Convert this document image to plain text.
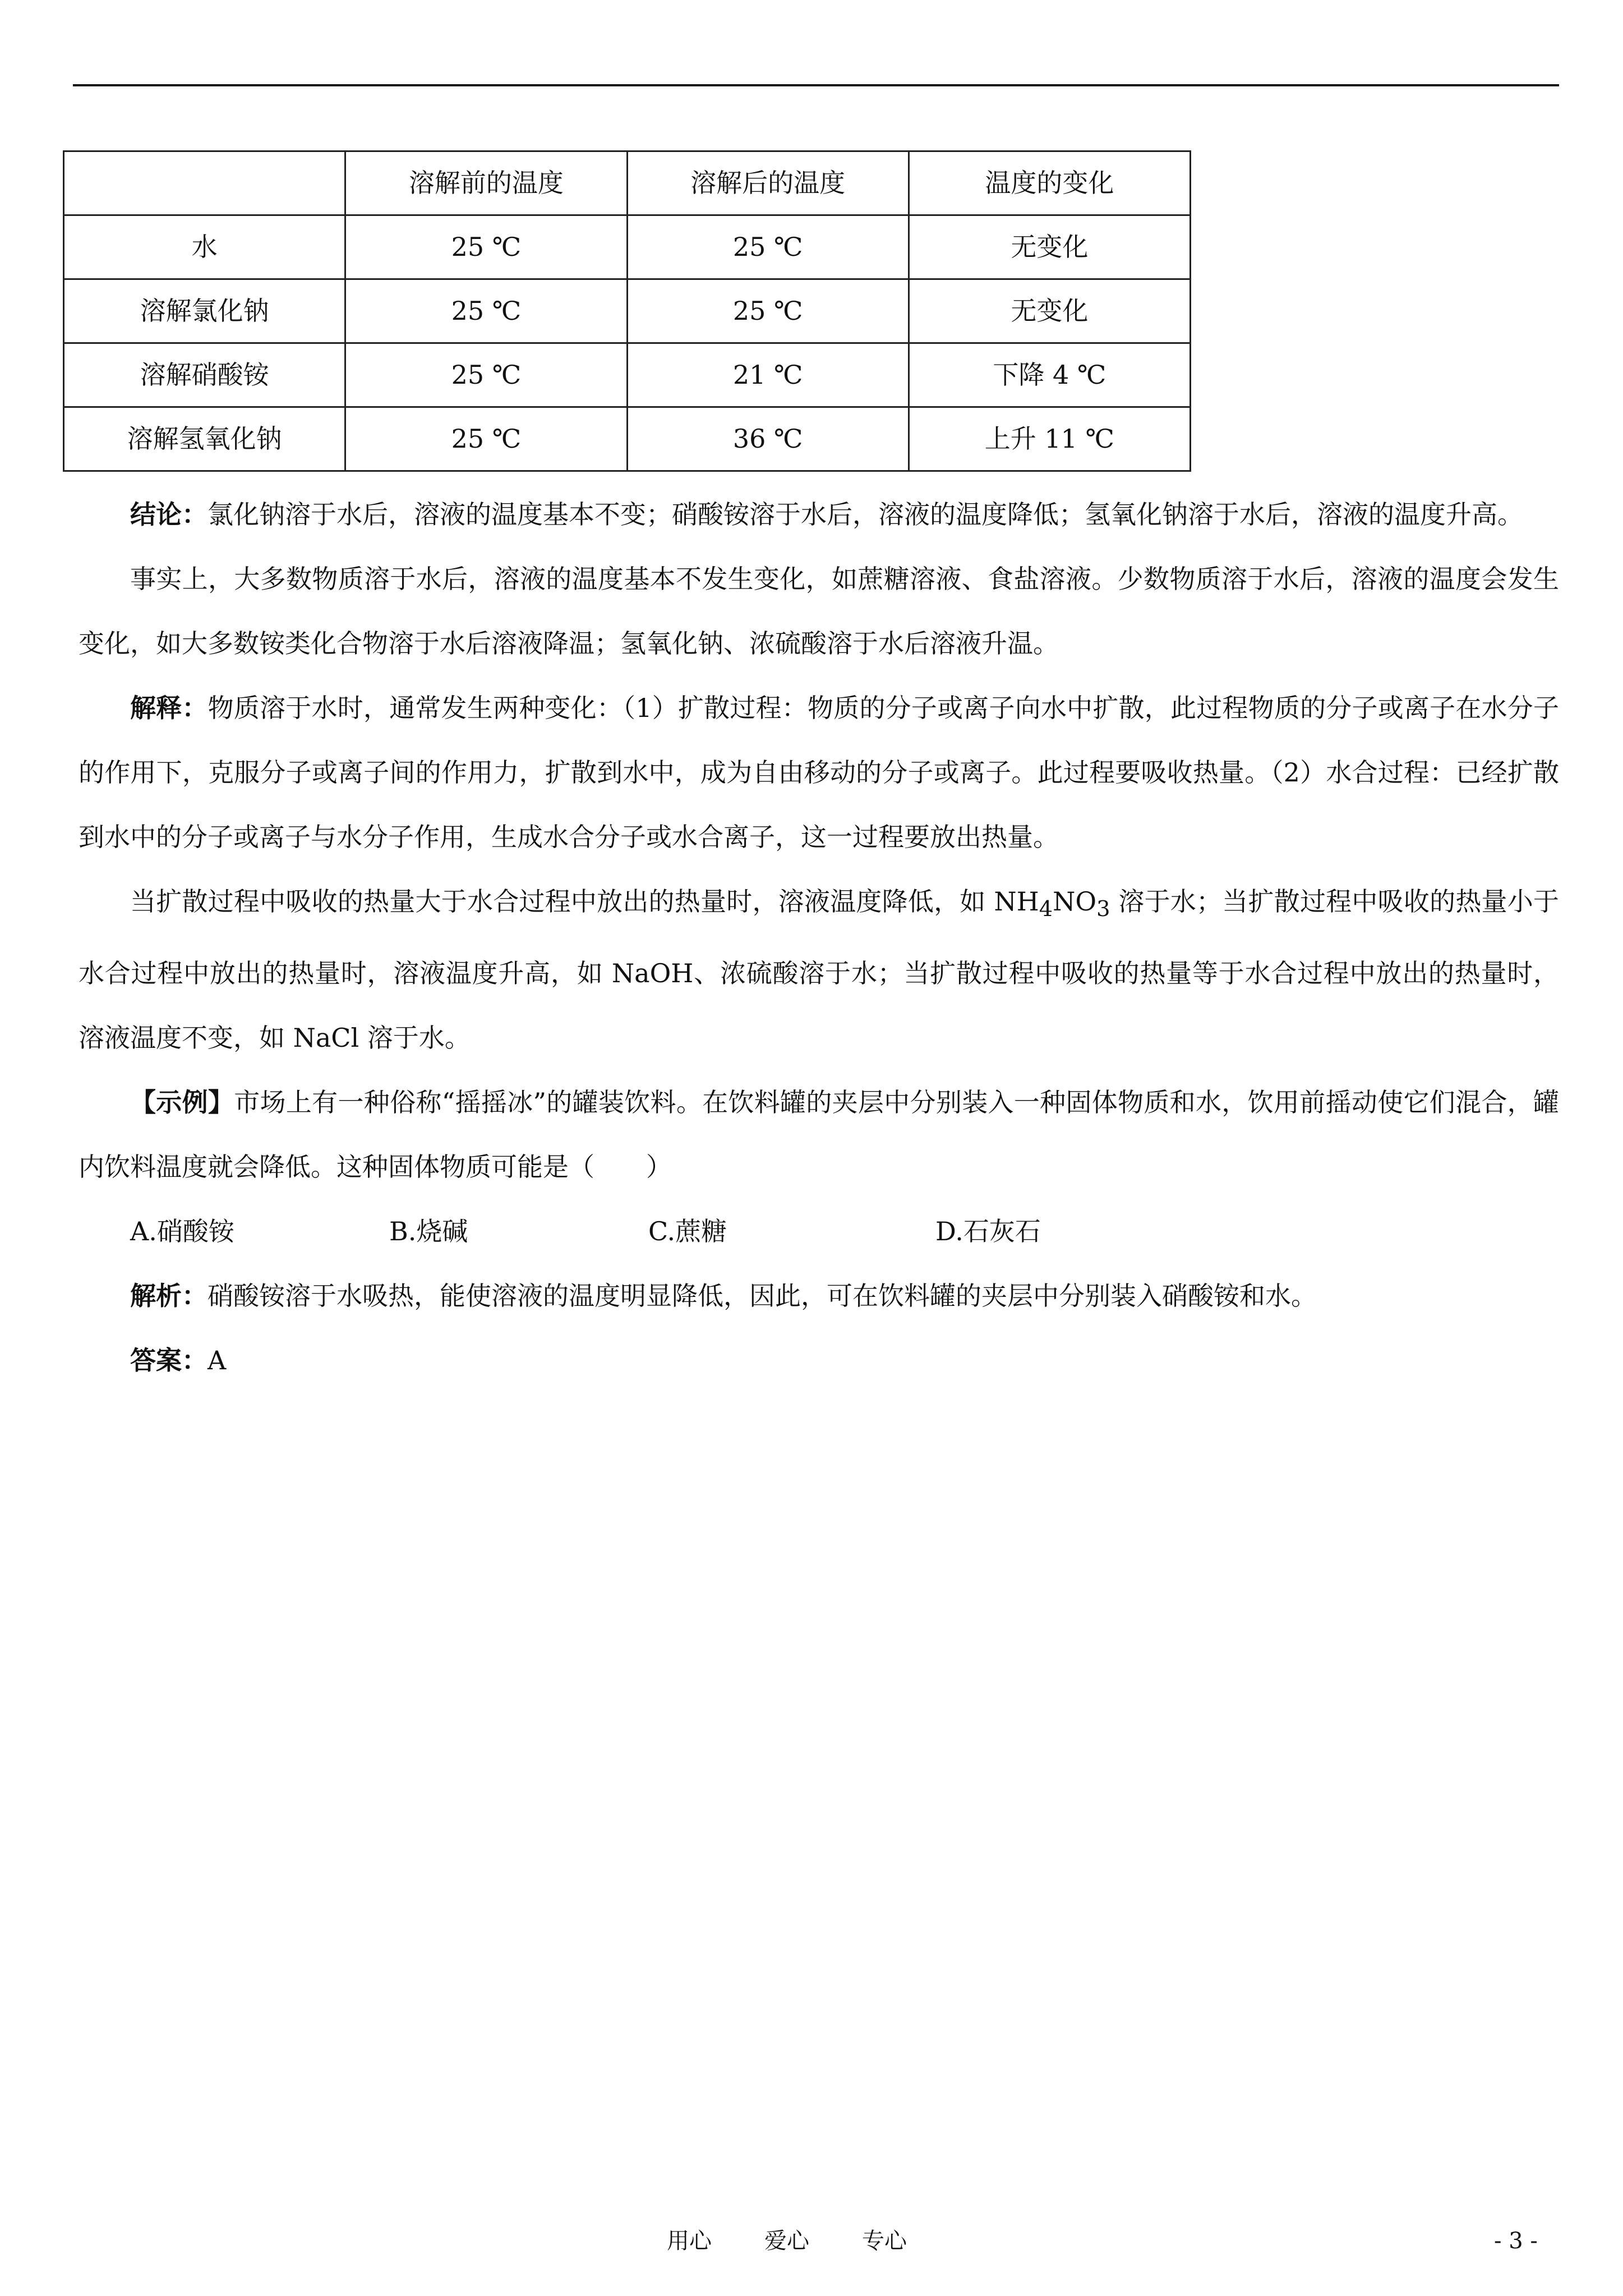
	溶解前的温度	溶解后的温度	温度的变化
水	25 ℃	25 ℃	无变化
溶解氯化钠	25 ℃	25 ℃	无变化
溶解硝酸铵	25 ℃	21 ℃	下降 4 ℃
溶解氢氧化钠	25 ℃	36 ℃	上升 11 ℃

结论：氯化钠溶于水后，溶液的温度基本不变；硝酸铵溶于水后，溶液的温度降低；氢氧化钠溶于水后，溶液的温度升高。

事实上，大多数物质溶于水后，溶液的温度基本不发生变化，如蔗糖溶液、食盐溶液。少数物质溶于水后，溶液的温度会发生变化，如大多数铵类化合物溶于水后溶液降温；氢氧化钠、浓硫酸溶于水后溶液升温。

解释：物质溶于水时，通常发生两种变化：（1）扩散过程：物质的分子或离子向水中扩散，此过程物质的分子或离子在水分子的作用下，克服分子或离子间的作用力，扩散到水中，成为自由移动的分子或离子。此过程要吸收热量。（2）水合过程：已经扩散到水中的分子或离子与水分子作用，生成水合分子或水合离子，这一过程要放出热量。

当扩散过程中吸收的热量大于水合过程中放出的热量时，溶液温度降低，如 $NH_4NO_3$ 溶于水；当扩散过程中吸收的热量小于水合过程中放出的热量时，溶液温度升高，如 NaOH、浓硫酸溶于水；当扩散过程中吸收的热量等于水合过程中放出的热量时，溶液温度不变，如 NaCl 溶于水。

【示例】市场上有一种俗称“摇摇冰”的罐装饮料。在饮料罐的夹层中分别装入一种固体物质和水，饮用前摇动使它们混合，罐内饮料温度就会降低。这种固体物质可能是（　　）

A.硝酸铵	B.烧碱	C.蔗糖	D.石灰石

解析：硝酸铵溶于水吸热，能使溶液的温度明显降低，因此，可在饮料罐的夹层中分别装入硝酸铵和水。

答案：A

用心 爱心 专心	- 3 -
